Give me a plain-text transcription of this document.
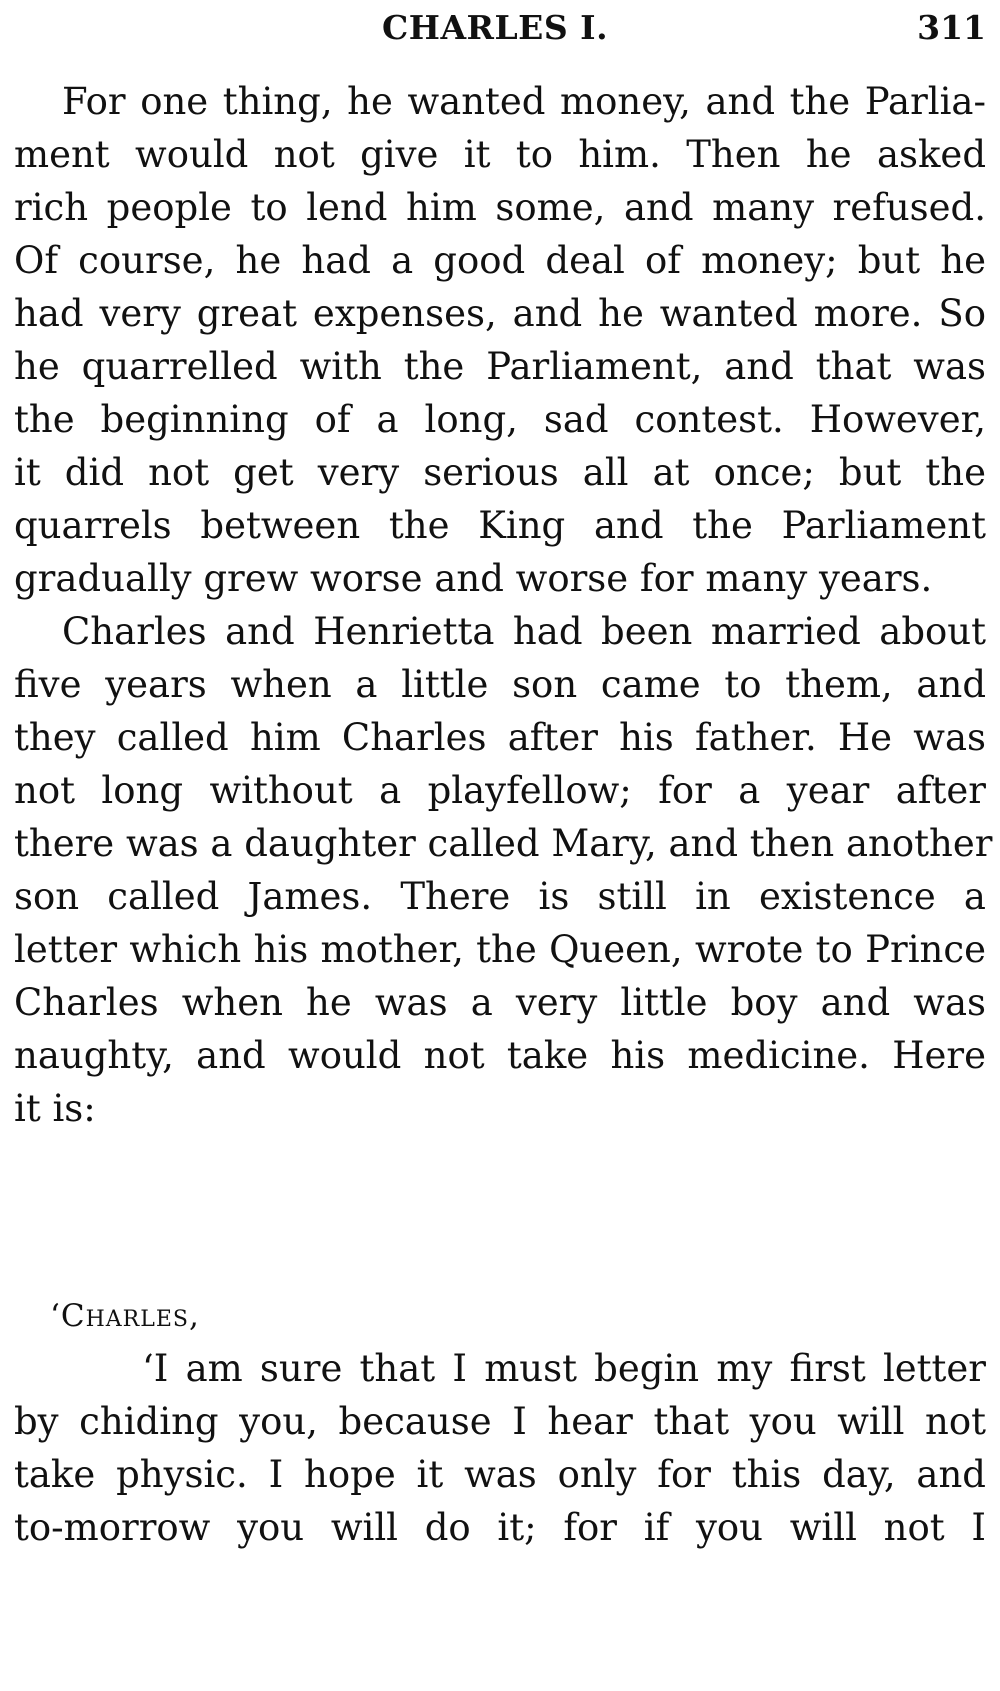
CHARLES I.	311
For one thing, he wanted money, and the Parlia-
ment would not give it to him. Then he asked
rich people to lend him some, and many refused.
Of course, he had a good deal of money; but he
had very great expenses, and he wanted more. So
he quarrelled with the Parliament, and that was
the beginning of a long, sad contest. However,
it did not get very serious all at once; but the
quarrels between the King and the Parliament
gradually grew worse and worse for many years.
Charles and Henrietta had been married about
five years when a little son came to them, and
they called him Charles after his father. He was
not long without a playfellow; for a year after
there was a daughter called Mary, and then another
son called James. There is still in existence a
letter which his mother, the Queen, wrote to Prince
Charles when he was a very little boy and was
naughty, and would not take his medicine. Here
it is:
‘Charles,
‘I am sure that I must begin my first letter
by chiding you, because I hear that you will not
take physic. I hope it was only for this day, and
to-morrow you will do it; for if you will not I
